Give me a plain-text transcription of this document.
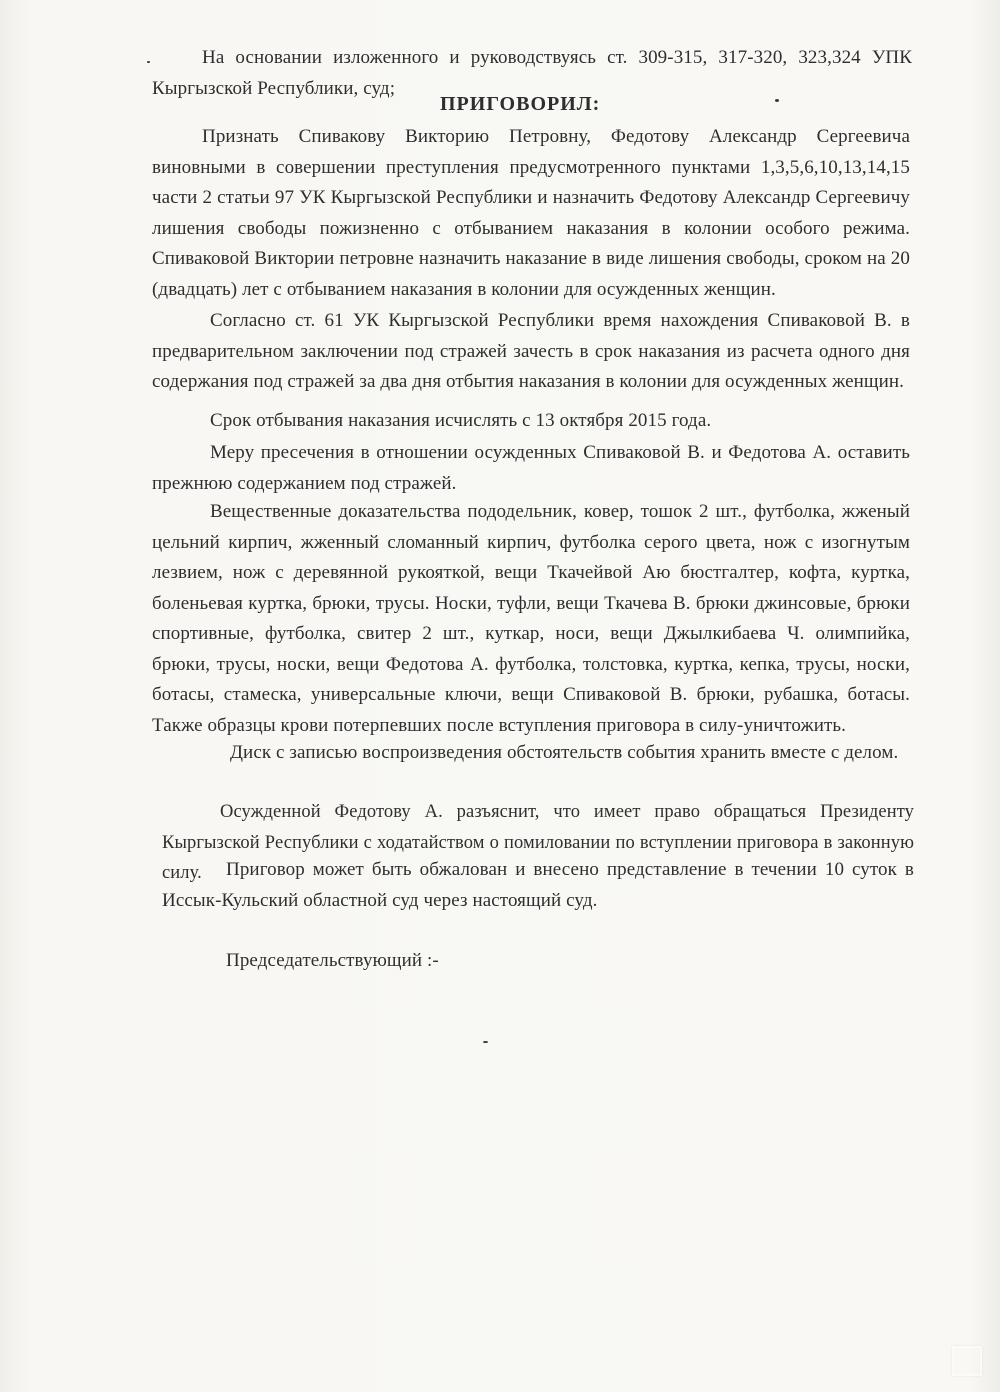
На основании изложенного и руководствуясь ст. 309-315, 317-320, 323,324 УПК Кыргызской Республики, суд;

ПРИГОВОРИЛ:

Признать Спивакову Викторию Петровну, Федотову Александр Сергеевича виновными в совершении преступления предусмотренного пунктами 1,3,5,6,10,13,14,15 части 2 статьи 97 УК Кыргызской Республики и назначить Федотову Александр Сергеевичу лишения свободы пожизненно с отбыванием наказания в колонии особого режима. Спиваковой Виктории петровне назначить наказание в виде лишения свободы, сроком на 20 (двадцать) лет с отбыванием наказания в колонии для осужденных женщин.

Согласно ст. 61 УК Кыргызской Республики время нахождения Спиваковой В. в предварительном заключении под стражей зачесть в срок наказания из расчета одного дня содержания под стражей за два дня отбытия наказания в колонии для осужденных женщин.

Срок отбывания наказания исчислять с 13 октября 2015 года.

Меру пресечения в отношении осужденных Спиваковой В. и Федотова А. оставить прежнюю содержанием под стражей.

Вещественные доказательства пододельник, ковер, тошок 2 шт., футболка, жженый цельний кирпич, жженный сломанный кирпич, футболка серого цвета, нож с изогнутым лезвием, нож с деревянной рукояткой, вещи Ткачейвой Аю бюстгалтер, кофта, куртка, боленьевая куртка, брюки, трусы. Носки, туфли, вещи Ткачева В. брюки джинсовые, брюки спортивные, футболка, свитер 2 шт., куткар, носи, вещи Джылкибаева Ч. олимпийка, брюки, трусы, носки, вещи Федотова А. футболка, толстовка, куртка, кепка, трусы, носки, ботасы, стамеска, универсальные ключи, вещи Спиваковой В. брюки, рубашка, ботасы. Также образцы крови потерпевших после вступления приговора в силу-уничтожить.

Диск с записью воспроизведения обстоятельств события хранить вместе с делом.

Осужденной Федотову А. разъяснит, что имеет право обращаться Президенту Кыргызской Республики с ходатайством о помиловании по вступлении приговора в законную силу.	Приговор может быть обжалован и внесено представление в течении 10 суток в Иссык-Кульский областной суд через настоящий суд.

Председательствующий :-
